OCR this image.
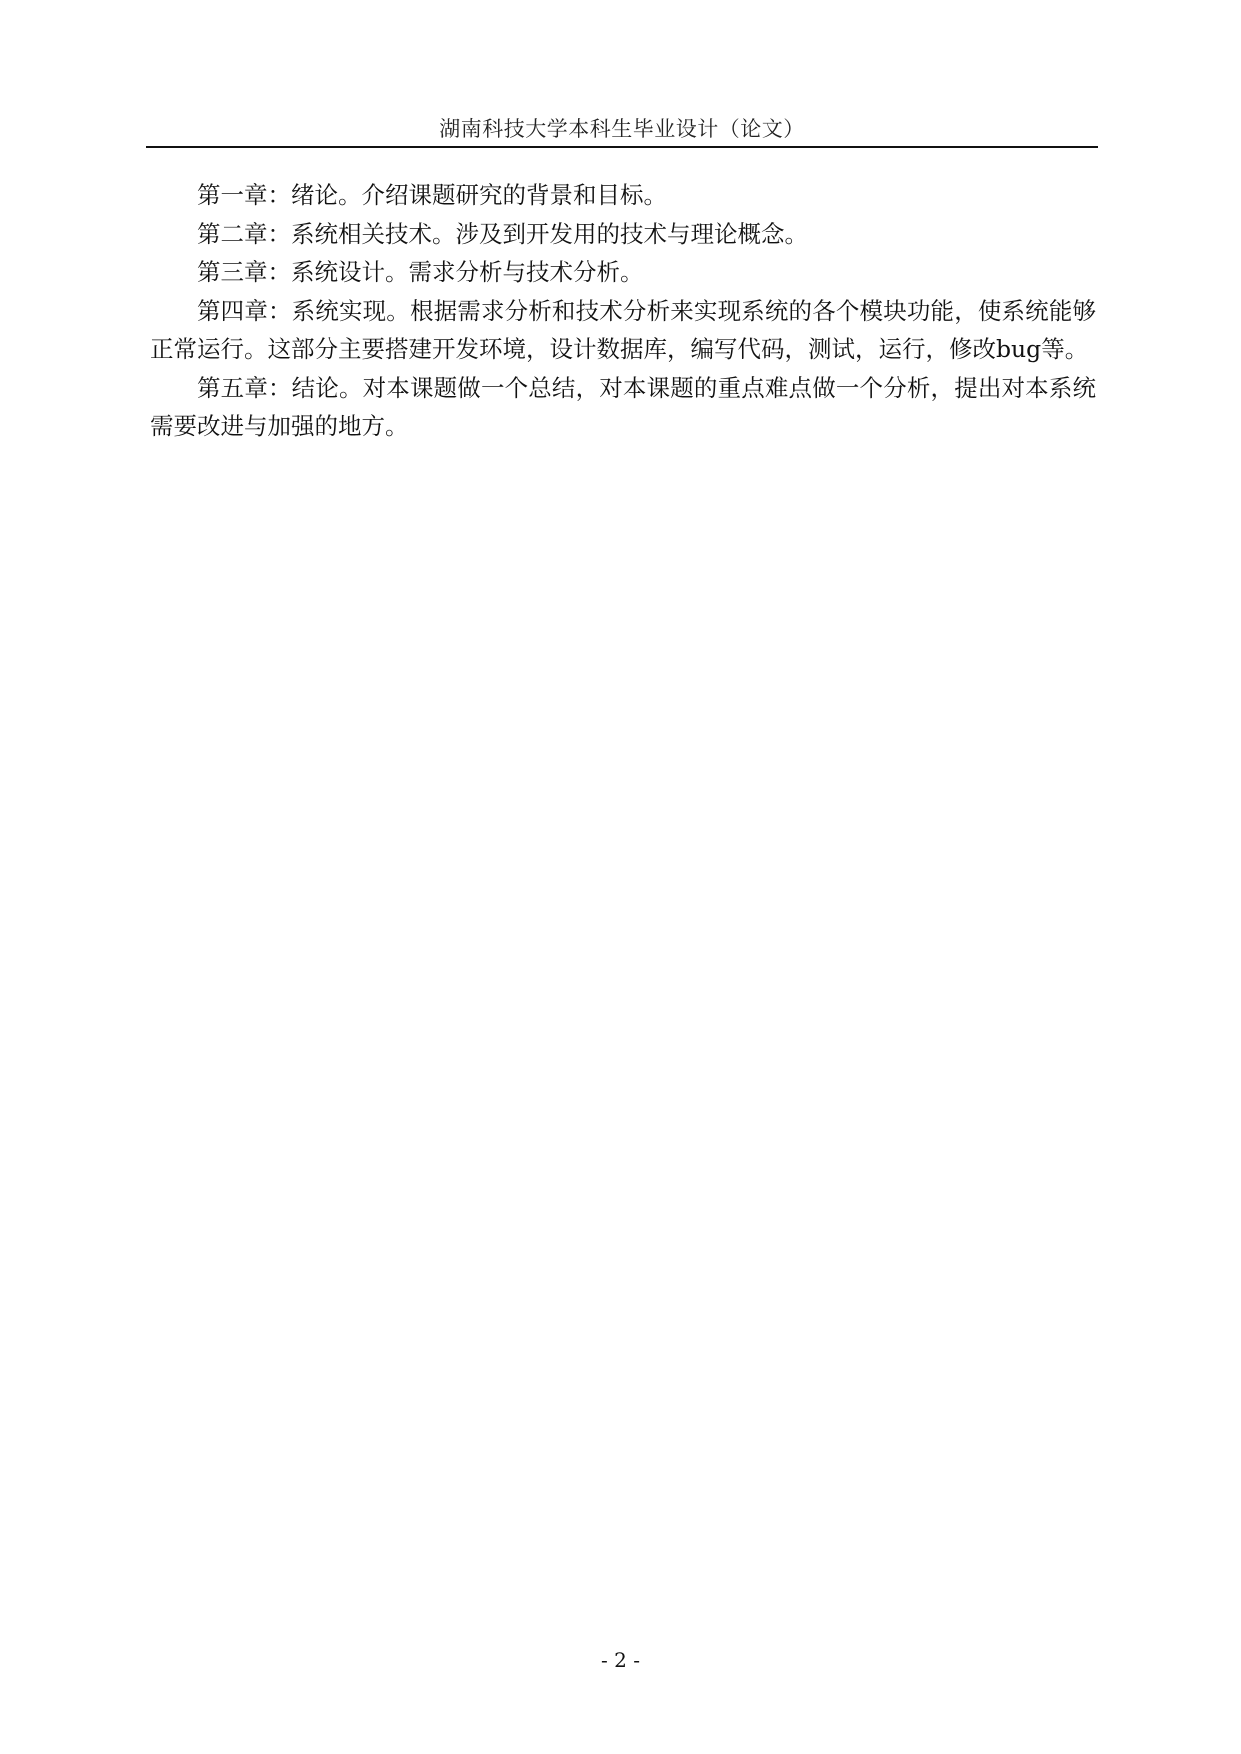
湖南科技大学本科生毕业设计（论文）

第一章：绪论。介绍课题研究的背景和目标。

第二章：系统相关技术。涉及到开发用的技术与理论概念。

第三章：系统设计。需求分析与技术分析。

第四章：系统实现。根据需求分析和技术分析来实现系统的各个模块功能，使系统能够正常运行。这部分主要搭建开发环境，设计数据库，编写代码，测试，运行，修改bug等。

第五章：结论。对本课题做一个总结，对本课题的重点难点做一个分析，提出对本系统需要改进与加强的地方。

- 2 -
